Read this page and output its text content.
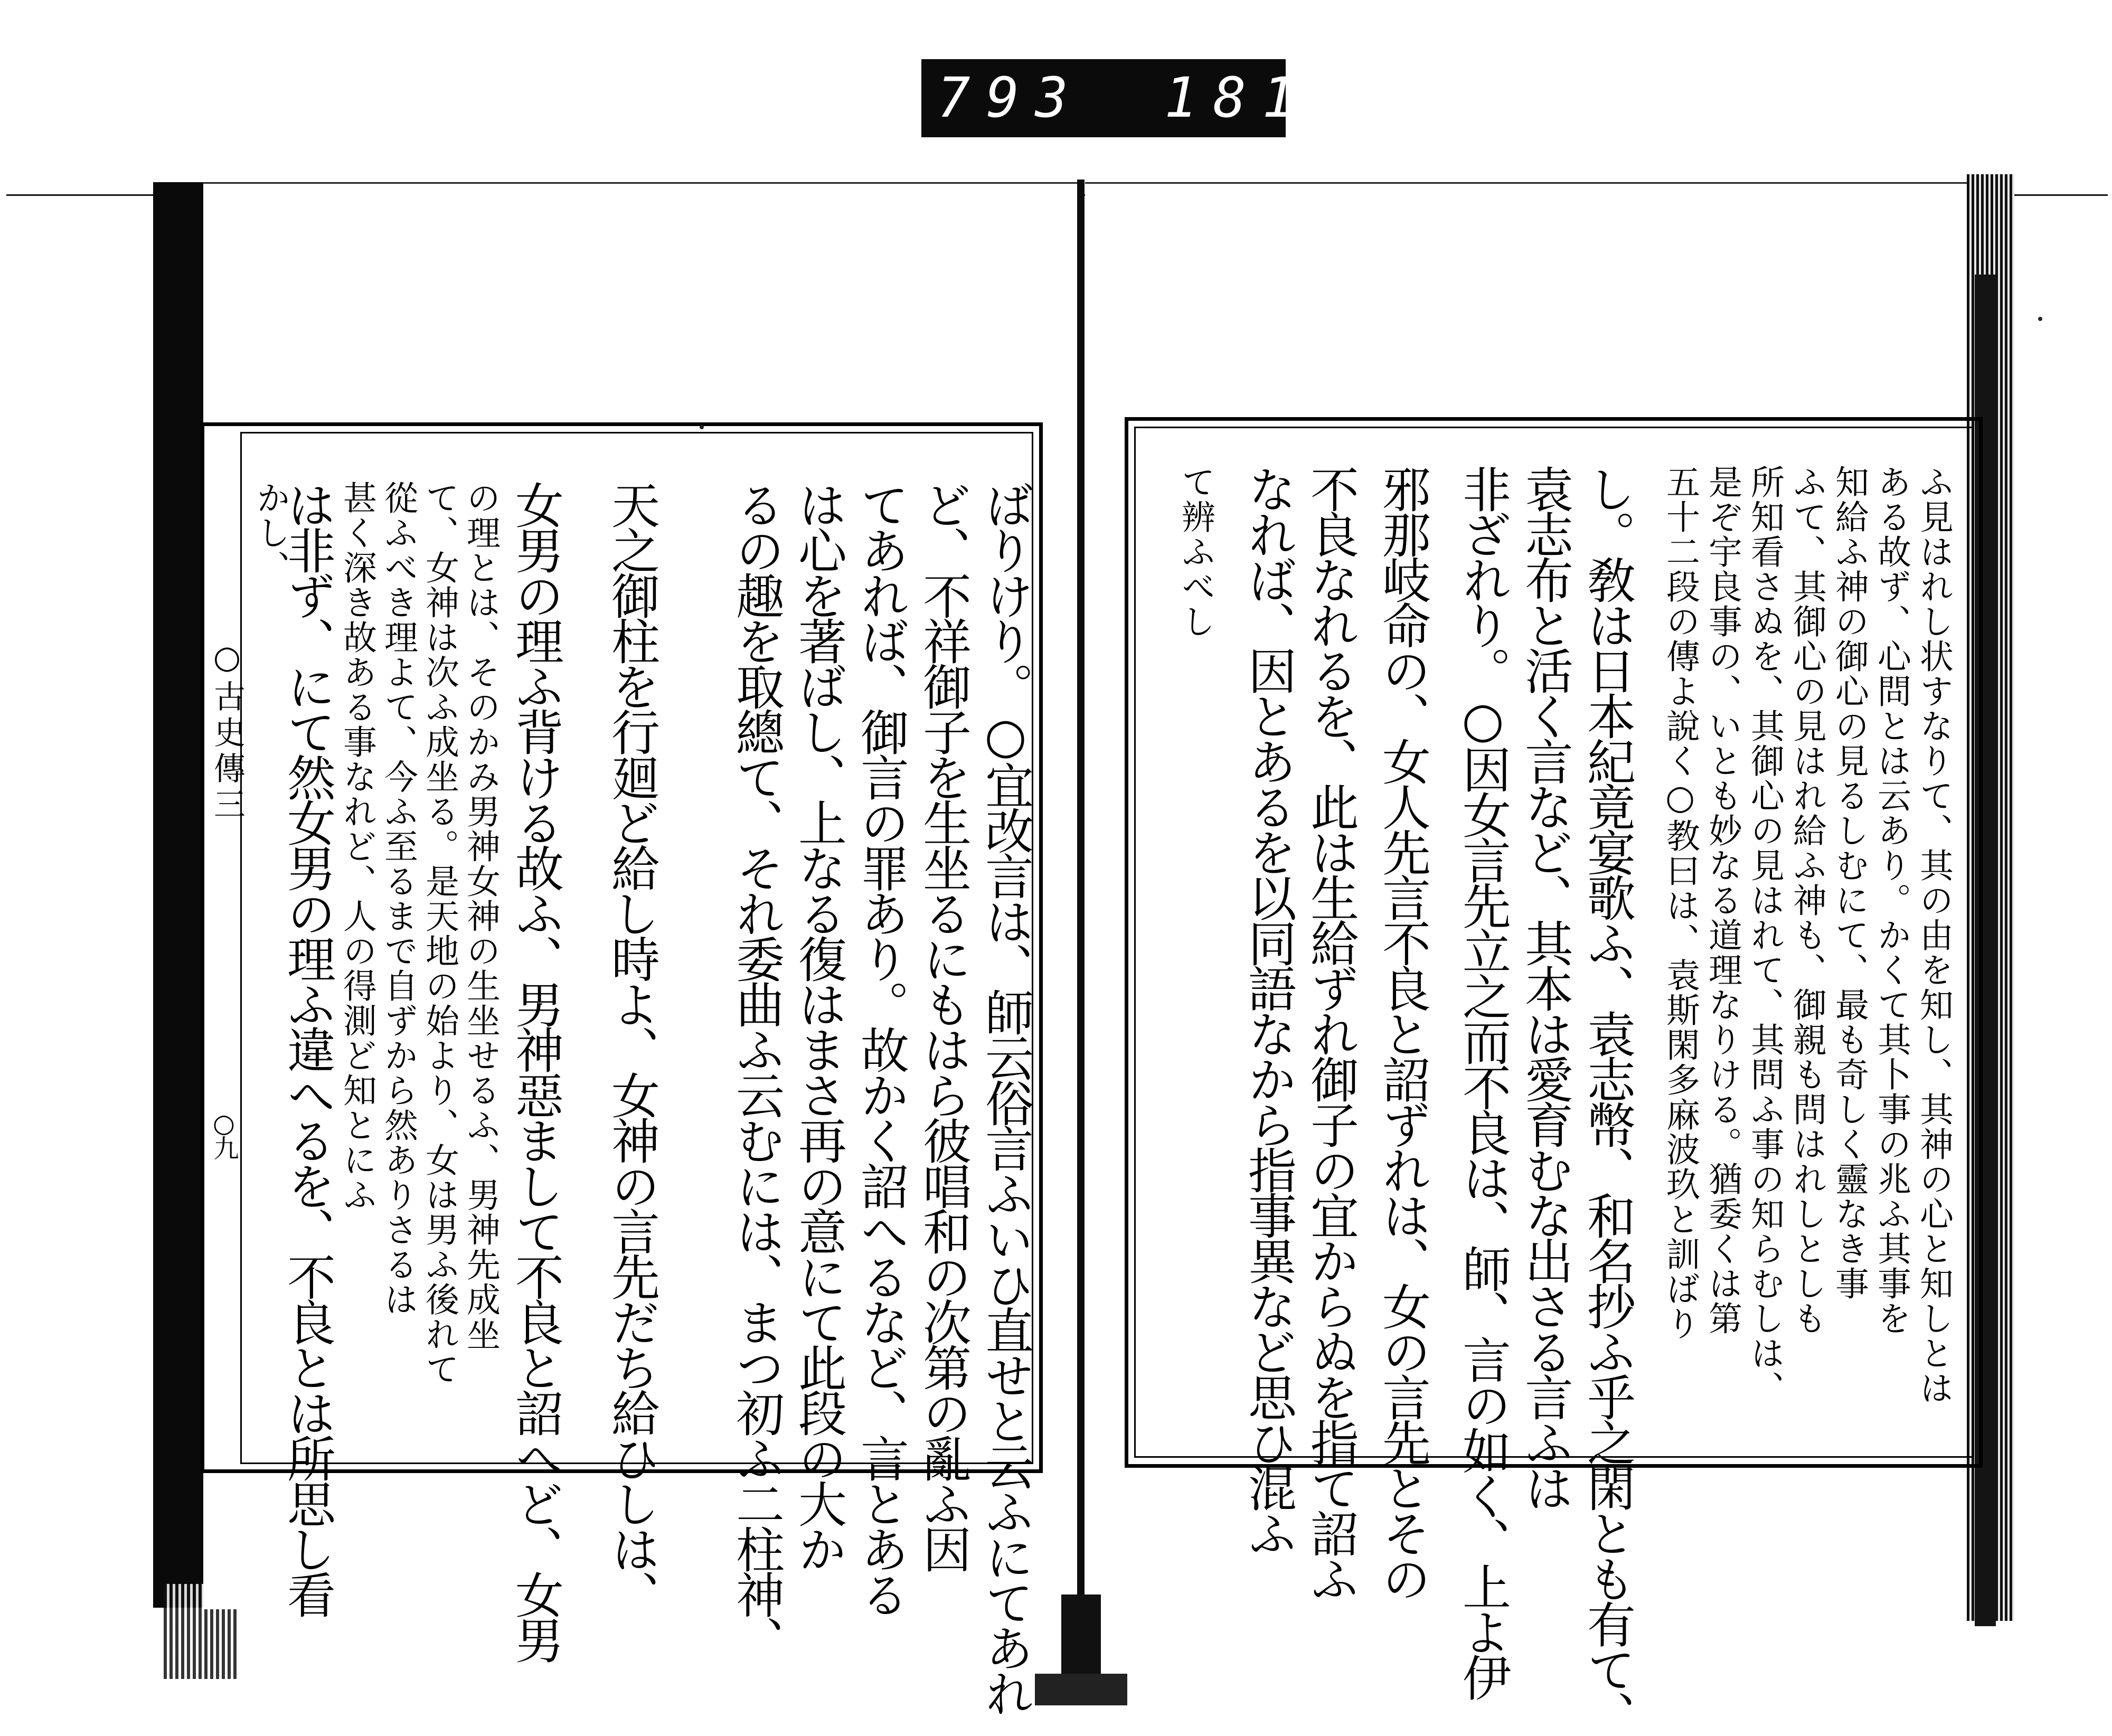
793 181.
○古史傳三
○九	ばりけり。○宜改言は、師云俗言ふいひ直せと云ふにてあれ
ど、不祥御子を生坐るにもはら彼唱和の次第の亂ふ因
てあれば、御言の罪あり。故かく詔へるなど、言とある
は心を著ばし、上なる復はまさ再の意にて此段の大か
るの趣を取總て、それ委曲ふ云むには、まつ初ふ二柱神、
天之御柱を行廻ど給し時よ、女神の言先だち給ひしは、
女男の理ふ背ける故ふ、男神惡まして不良と詔へど、女男
の理とは、そのかみ男神女神の生坐せるふ、男神先成坐
て、女神は次ふ成坐る。是天地の始より、女は男ふ後れて
從ふべき理よて、今ふ至るまで自ずから然ありさるは
甚く深き故ある事なれど、人の得測ど知とにふ
は非ず、にて然女男の理ふ違へるを、不良とは所思し看
かし、	ふ見はれし状すなりて、其の由を知し、其神の心と知しとは
ある故ず、心問とは云あり。かくて其卜事の兆ふ其事を
知給ふ神の御心の見るしむにて、最も奇しく靈なき事
ふて、其御心の見はれ給ふ神も、御親も問はれしとしも
所知看さぬを、其御心の見はれて、其問ふ事の知らむしは、
是ぞ宇良事の、いとも妙なる道理なりける。猶委くは第
五十二段の傳よ說く○教曰は、袁斯閑多麻波玖と訓ばり
し。敎は日本紀竟宴歌ふ、袁志幣、和名抄ふ乎之閑とも有て、
袁志布と活く言など、其本は愛育むな出さる言ふは
非ざれり。○因女言先立之而不良は、師、言の如く、上よ伊
邪那岐命の、女人先言不良と詔ずれは、女の言先とその
不良なれるを、此は生給ずれ御子の宜からぬを指て詔ふ
なれば、因とあるを以同語なから指事異など思ひ混ふ
て辨ふべし
